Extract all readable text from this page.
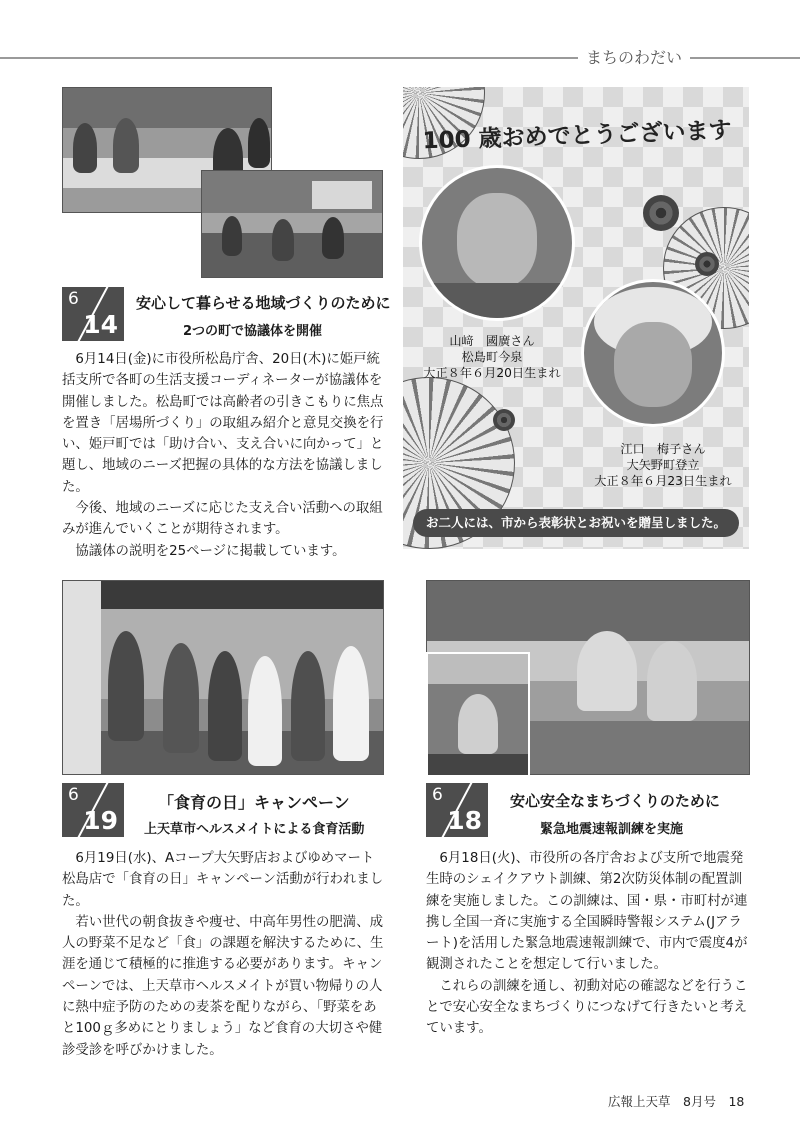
まちのわだい
6
14
安心して暮らせる地域づくりのために
2つの町で協議体を開催

6月14日(金)に市役所松島庁舎、20日(木)に姫戸統括支所で各町の生活支援コーディネーターが協議体を開催しました。松島町では高齢者の引きこもりに焦点を置き「居場所づくり」の取組み紹介と意見交換を行い、姫戸町では「助け合い、支え合いに向かって」と題し、地域のニーズ把握の具体的な方法を協議しました。

今後、地域のニーズに応じた支え合い活動への取組みが進んでいくことが期待されます。

協議体の説明を25ページに掲載しています。

100 歳おめでとうございます
山﨑　國廣さん
松島町今泉
大正８年６月20日生まれ
江口　梅子さん
大矢野町登立
大正８年６月23日生まれ
お二人には、市から表彰状とお祝いを贈呈しました。
6
19
「食育の日」キャンペーン
上天草市ヘルスメイトによる食育活動

6月19日(水)、Aコープ大矢野店およびゆめマート松島店で「食育の日」キャンペーン活動が行われました。

若い世代の朝食抜きや痩せ、中高年男性の肥満、成人の野菜不足など「食」の課題を解決するために、生涯を通じて積極的に推進する必要があります。キャンペーンでは、上天草市ヘルスメイトが買い物帰りの人に熱中症予防のための麦茶を配りながら、「野菜をあと100ｇ多めにとりましょう」など食育の大切さや健診受診を呼びかけました。

6
18
安心安全なまちづくりのために
緊急地震速報訓練を実施

6月18日(火)、市役所の各庁舎および支所で地震発生時のシェイクアウト訓練、第2次防災体制の配置訓練を実施しました。この訓練は、国・県・市町村が連携し全国一斉に実施する全国瞬時警報システム(Jアラート)を活用した緊急地震速報訓練で、市内で震度4が観測されたことを想定して行いました。

これらの訓練を通し、初動対応の確認などを行うことで安心安全なまちづくりにつなげて行きたいと考えています。

広報上天草　8月号　18
